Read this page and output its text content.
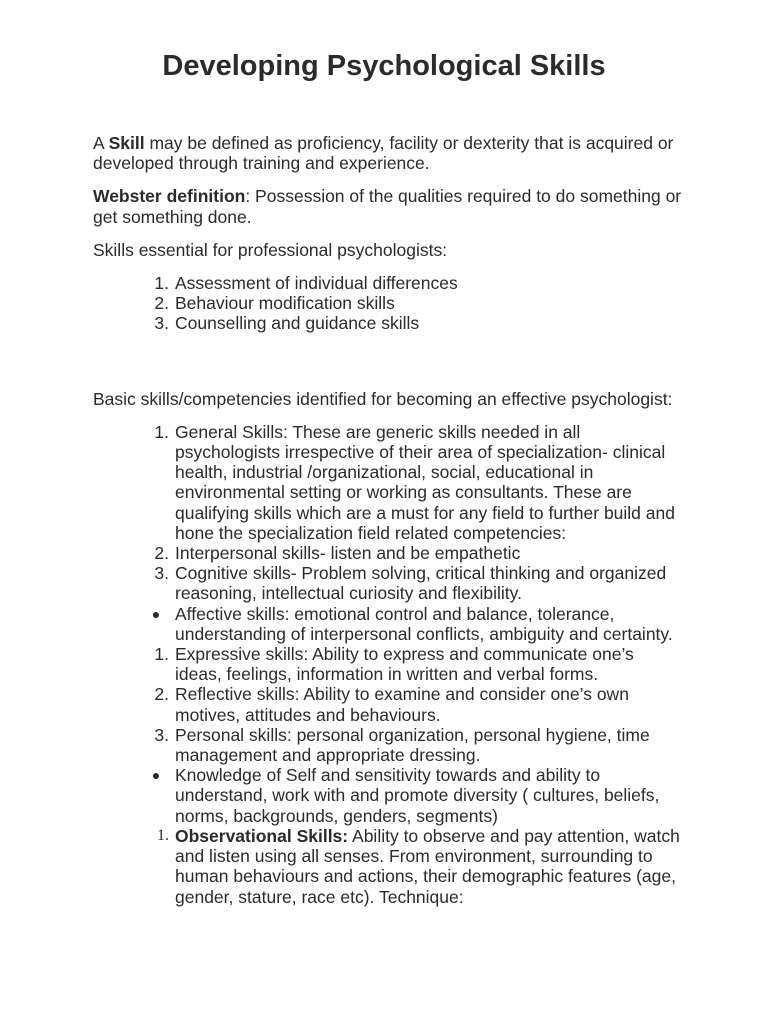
Developing Psychological Skills

A Skill may be defined as proficiency, facility or dexterity that is acquired or developed through training and experience.

Webster definition: Possession of the qualities required to do something or get something done.

Skills essential for professional psychologists:

1. Assessment of individual differences
2. Behaviour modification skills
3. Counselling and guidance skills

Basic skills/competencies identified for becoming an effective psychologist:

1. General Skills: These are generic skills needed in all psychologists irrespective of their area of specialization- clinical health, industrial /organizational, social, educational in environmental setting or working as consultants. These are qualifying skills which are a must for any field to further build and hone the specialization field related competencies:
2. Interpersonal skills- listen and be empathetic
3. Cognitive skills- Problem solving, critical thinking and organized reasoning, intellectual curiosity and flexibility.
● Affective skills: emotional control and balance, tolerance, understanding of interpersonal conflicts, ambiguity and certainty.
1. Expressive skills: Ability to express and communicate one’s ideas, feelings, information in written and verbal forms.
2. Reflective skills: Ability to examine and consider one’s own motives, attitudes and behaviours.
3. Personal skills: personal organization, personal hygiene, time management and appropriate dressing.
● Knowledge of Self and sensitivity towards and ability to understand, work with and promote diversity ( cultures, beliefs, norms, backgrounds, genders, segments)
1. Observational Skills: Ability to observe and pay attention, watch and listen using all senses. From environment, surrounding to human behaviours and actions, their demographic features (age, gender, stature, race etc). Technique:
